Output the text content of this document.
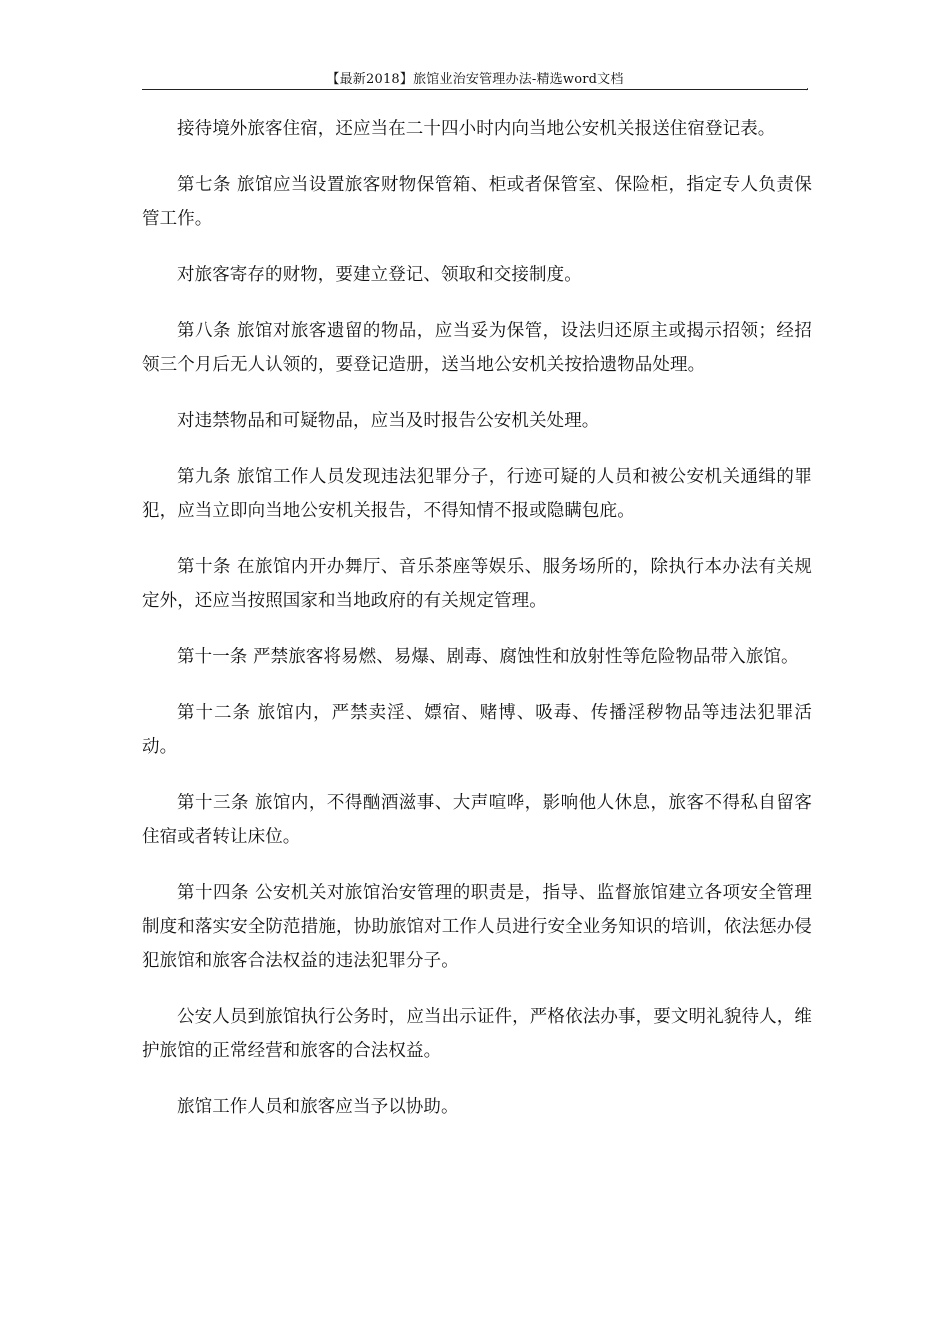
【最新2018】旅馆业治安管理办法-精选word文档	,

接待境外旅客住宿，还应当在二十四小时内向当地公安机关报送住宿登记表。

第七条 旅馆应当设置旅客财物保管箱、柜或者保管室、保险柜，指定专人负责保管工作。

对旅客寄存的财物，要建立登记、领取和交接制度。

第八条 旅馆对旅客遗留的物品，应当妥为保管，设法归还原主或揭示招领；经招领三个月后无人认领的，要登记造册，送当地公安机关按拾遗物品处理。

对违禁物品和可疑物品，应当及时报告公安机关处理。

第九条 旅馆工作人员发现违法犯罪分子，行迹可疑的人员和被公安机关通缉的罪犯，应当立即向当地公安机关报告，不得知情不报或隐瞒包庇。

第十条 在旅馆内开办舞厅、音乐茶座等娱乐、服务场所的，除执行本办法有关规定外，还应当按照国家和当地政府的有关规定管理。

第十一条 严禁旅客将易燃、易爆、剧毒、腐蚀性和放射性等危险物品带入旅馆。

第十二条 旅馆内，严禁卖淫、嫖宿、赌博、吸毒、传播淫秽物品等违法犯罪活动。

第十三条 旅馆内，不得酗酒滋事、大声喧哗，影响他人休息，旅客不得私自留客住宿或者转让床位。

第十四条 公安机关对旅馆治安管理的职责是，指导、监督旅馆建立各项安全管理制度和落实安全防范措施，协助旅馆对工作人员进行安全业务知识的培训，依法惩办侵犯旅馆和旅客合法权益的违法犯罪分子。

公安人员到旅馆执行公务时，应当出示证件，严格依法办事，要文明礼貌待人，维护旅馆的正常经营和旅客的合法权益。

旅馆工作人员和旅客应当予以协助。
